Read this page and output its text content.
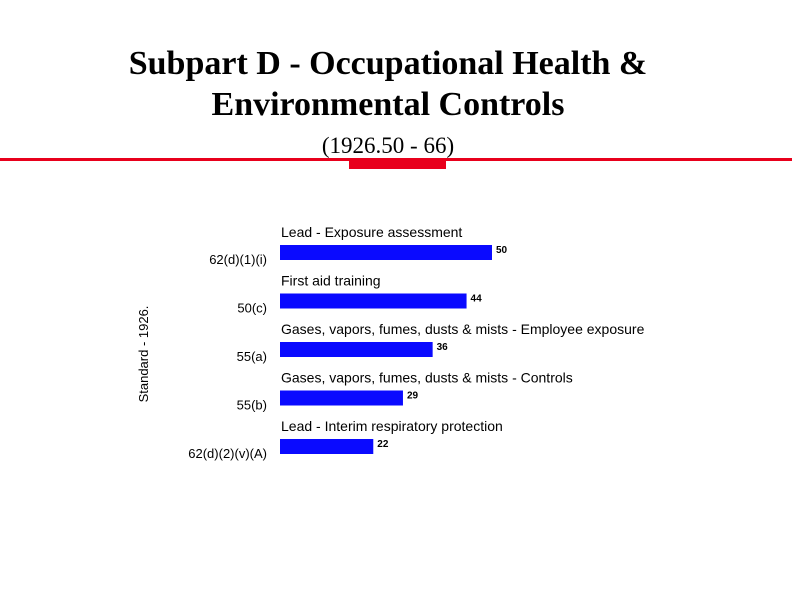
Subpart D - Occupational Health &
Environmental Controls
(1926.50 - 66)
Standard - 1926.
Lead - Exposure assessment
50
62(d)(1)(i)
First aid training
44
50(c)
Gases, vapors, fumes, dusts & mists - Employee exposure
36
55(a)
Gases, vapors, fumes, dusts & mists - Controls
29
55(b)
Lead - Interim respiratory protection
22
62(d)(2)(v)(A)
